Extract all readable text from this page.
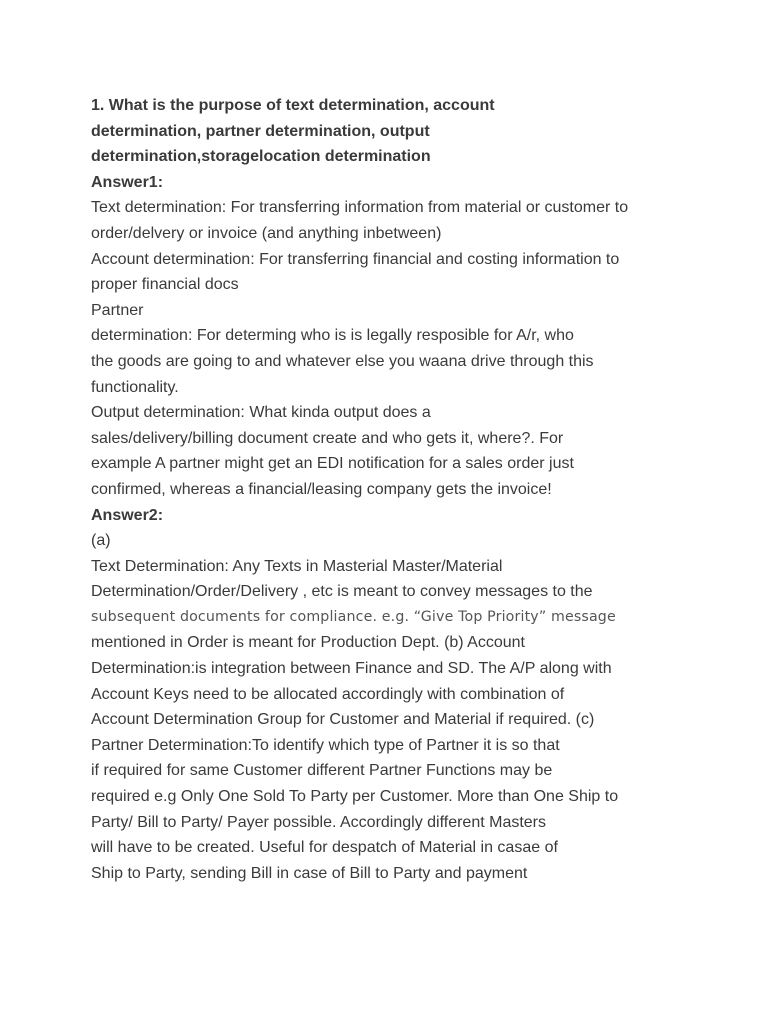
1. What is the purpose of text determination, account
determination, partner determination, output
determination,storagelocation determination
Answer1:
Text determination: For transferring information from material or customer to
order/delvery or invoice (and anything inbetween)
Account determination: For transferring financial and costing information to
proper financial docs
Partner
determination: For determing who is is legally resposible for A/r, who
the goods are going to and whatever else you waana drive through this
functionality.
Output determination: What kinda output does a
sales/delivery/billing document create and who gets it, where?. For
example A partner might get an EDI notification for a sales order just
confirmed, whereas a financial/leasing company gets the invoice!
Answer2:
(a)
Text Determination: Any Texts in Masterial Master/Material
Determination/Order/Delivery , etc is meant to convey messages to the
subsequent documents for compliance. e.g. “Give Top Priority” message
mentioned in Order is meant for Production Dept. (b) Account
Determination:is integration between Finance and SD. The A/P along with
Account Keys need to be allocated accordingly with combination of
Account Determination Group for Customer and Material if required. (c)
Partner Determination:To identify which type of Partner it is so that
if required for same Customer different Partner Functions may be
required e.g Only One Sold To Party per Customer. More than One Ship to
Party/ Bill to Party/ Payer possible. Accordingly different Masters
will have to be created. Useful for despatch of Material in casae of
Ship to Party, sending Bill in case of Bill to Party and payment
